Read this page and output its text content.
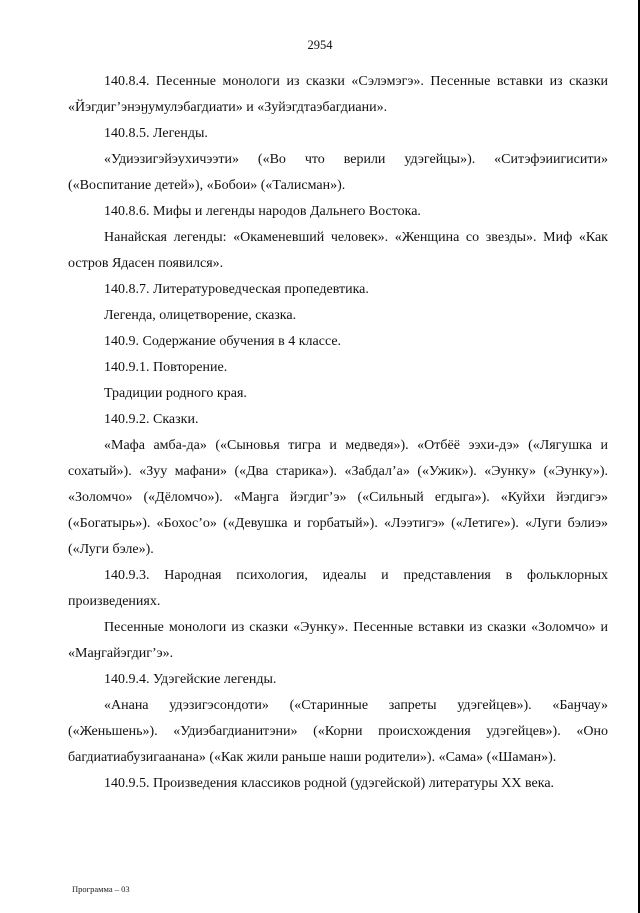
2954

140.8.4. Песенные монологи из сказки «Сэлэмэгэ». Песенные вставки из сказки «Йэгдиг’энэӈумулэбагдиати» и «Зуйэгдтаэбагдиани».

140.8.5. Легенды.

«Удиэзигэйэухичээти» («Во что верили удэгейцы»). «Ситэфэиигисити» («Воспитание детей»), «Бобои» («Талисман»).

140.8.6. Мифы и легенды народов Дальнего Востока.

Нанайская легенды: «Окаменевший человек». «Женщина со звезды». Миф «Как остров Ядасен появился».

140.8.7. Литературоведческая пропедевтика.

Легенда, олицетворение, сказка.

140.9. Содержание обучения в 4 классе.

140.9.1. Повторение.

Традиции родного края.

140.9.2. Сказки.

«Мафа амба-да» («Сыновья тигра и медведя»). «Отбёё ээхи-дэ» («Лягушка и сохатый»). «Зуу мафани» («Два старика»). «Забдал’а» («Ужик»). «Эунку» («Эунку»). «Золомчо» («Дёломчо»). «Маӈга йэгдиг’э» («Сильный егдыга»). «Куйхи йэгдигэ» («Богатырь»). «Бохос’о» («Девушка и горбатый»). «Лээтигэ» («Летиге»). «Луги бэлиэ» («Луги бэле»).

140.9.3. Народная психология, идеалы и представления в фольклорных произведениях.

Песенные монологи из сказки «Эунку». Песенные вставки из сказки «Золомчо» и «Маӈгайэгдиг’э».

140.9.4. Удэгейские легенды.

«Анана удэзигэсондоти» («Старинные запреты удэгейцев»). «Баӈчау» («Женьшень»). «Удиэбагдианитэни» («Корни происхождения удэгейцев»). «Оно багдиатиабузигаанана» («Как жили раньше наши родители»). «Сама» («Шаман»).

140.9.5. Произведения классиков родной (удэгейской) литературы XX века.

Программа – 03
